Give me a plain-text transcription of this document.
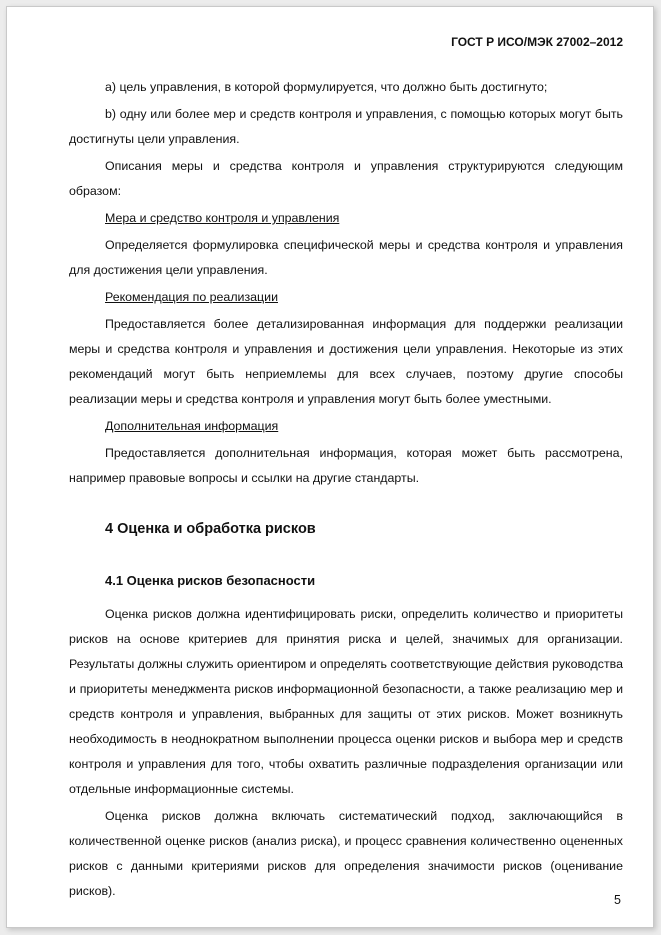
ГОСТ Р ИСО/МЭК 27002–2012

a) цель управления, в которой формулируется, что должно быть достигнуто;

b) одну или более мер и средств контроля и управления, с помощью которых могут быть достигнуты цели управления.

Описания меры и средства контроля и управления структурируются следующим образом:

Мера и средство контроля и управления

Определяется формулировка специфической меры и средства контроля и управления для достижения цели управления.

Рекомендация по реализации

Предоставляется более детализированная информация для поддержки реализации меры и средства контроля и управления и достижения цели управления. Некоторые из этих рекомендаций могут быть неприемлемы для всех случаев, поэтому другие способы реализации меры и средства контроля и управления могут быть более уместными.

Дополнительная информация

Предоставляется дополнительная информация, которая может быть рассмотрена, например правовые вопросы и ссылки на другие стандарты.

4 Оценка и обработка рисков
4.1 Оценка рисков безопасности

Оценка рисков должна идентифицировать риски, определить количество и приоритеты рисков на основе критериев для принятия риска и целей, значимых для организации. Результаты должны служить ориентиром и определять соответствующие действия руководства и приоритеты менеджмента рисков информационной безопасности, а также реализацию мер и средств контроля и управления, выбранных для защиты от этих рисков. Может возникнуть необходимость в неоднократном выполнении процесса оценки рисков и выбора мер и средств контроля и управления для того, чтобы охватить различные подразделения организации или отдельные информационные системы.

Оценка рисков должна включать систематический подход, заключающийся в количественной оценке рисков (анализ риска), и процесс сравнения количественно оцененных рисков с данными критериями рисков для определения значимости рисков (оценивание рисков).

5
